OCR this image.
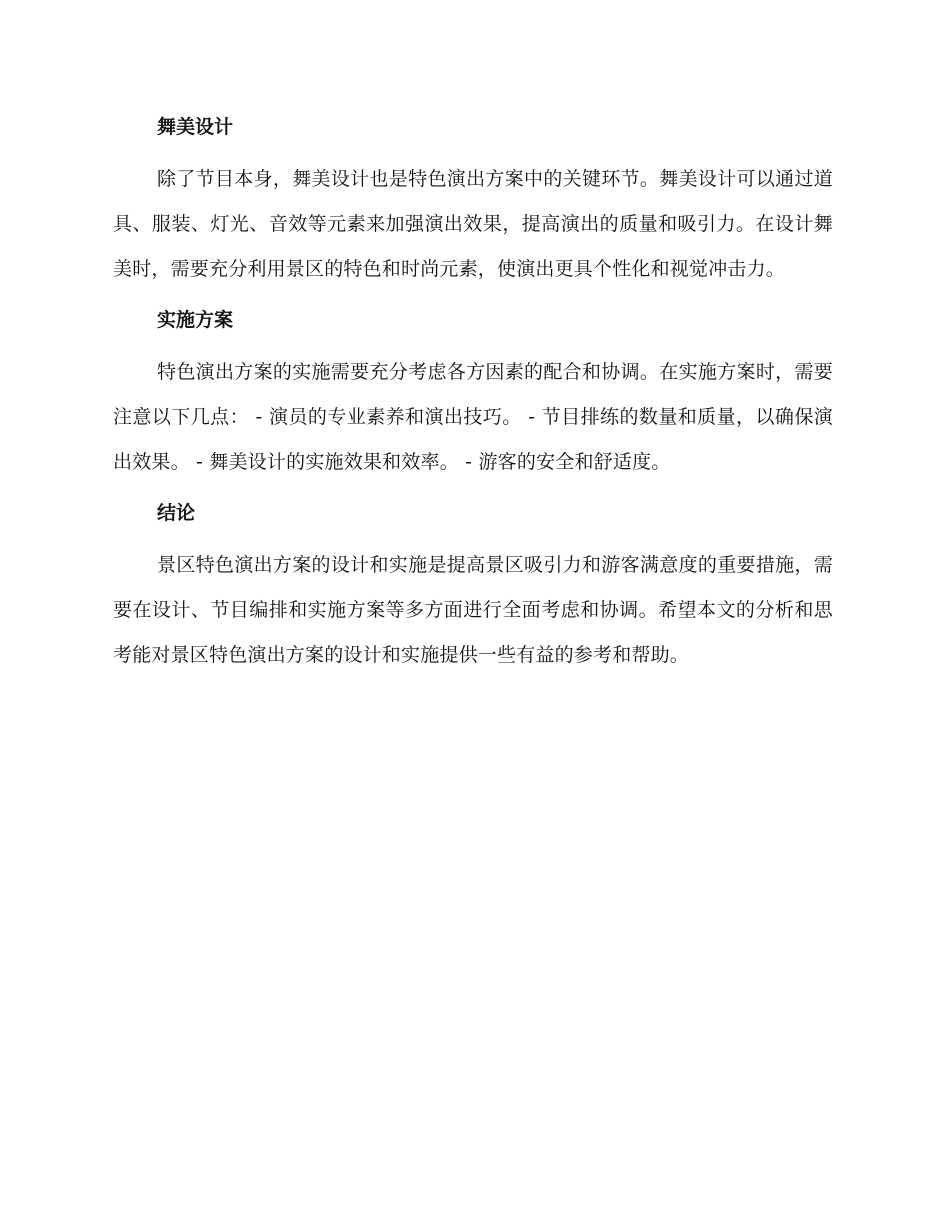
舞美设计

除了节目本身，舞美设计也是特色演出方案中的关键环节。舞美设计可以通过道具、服装、灯光、音效等元素来加强演出效果，提高演出的质量和吸引力。在设计舞美时，需要充分利用景区的特色和时尚元素，使演出更具个性化和视觉冲击力。

实施方案

特色演出方案的实施需要充分考虑各方因素的配合和协调。在实施方案时，需要注意以下几点： - 演员的专业素养和演出技巧。 - 节目排练的数量和质量，以确保演出效果。 - 舞美设计的实施效果和效率。 - 游客的安全和舒适度。

结论

景区特色演出方案的设计和实施是提高景区吸引力和游客满意度的重要措施，需要在设计、节目编排和实施方案等多方面进行全面考虑和协调。希望本文的分析和思考能对景区特色演出方案的设计和实施提供一些有益的参考和帮助。
